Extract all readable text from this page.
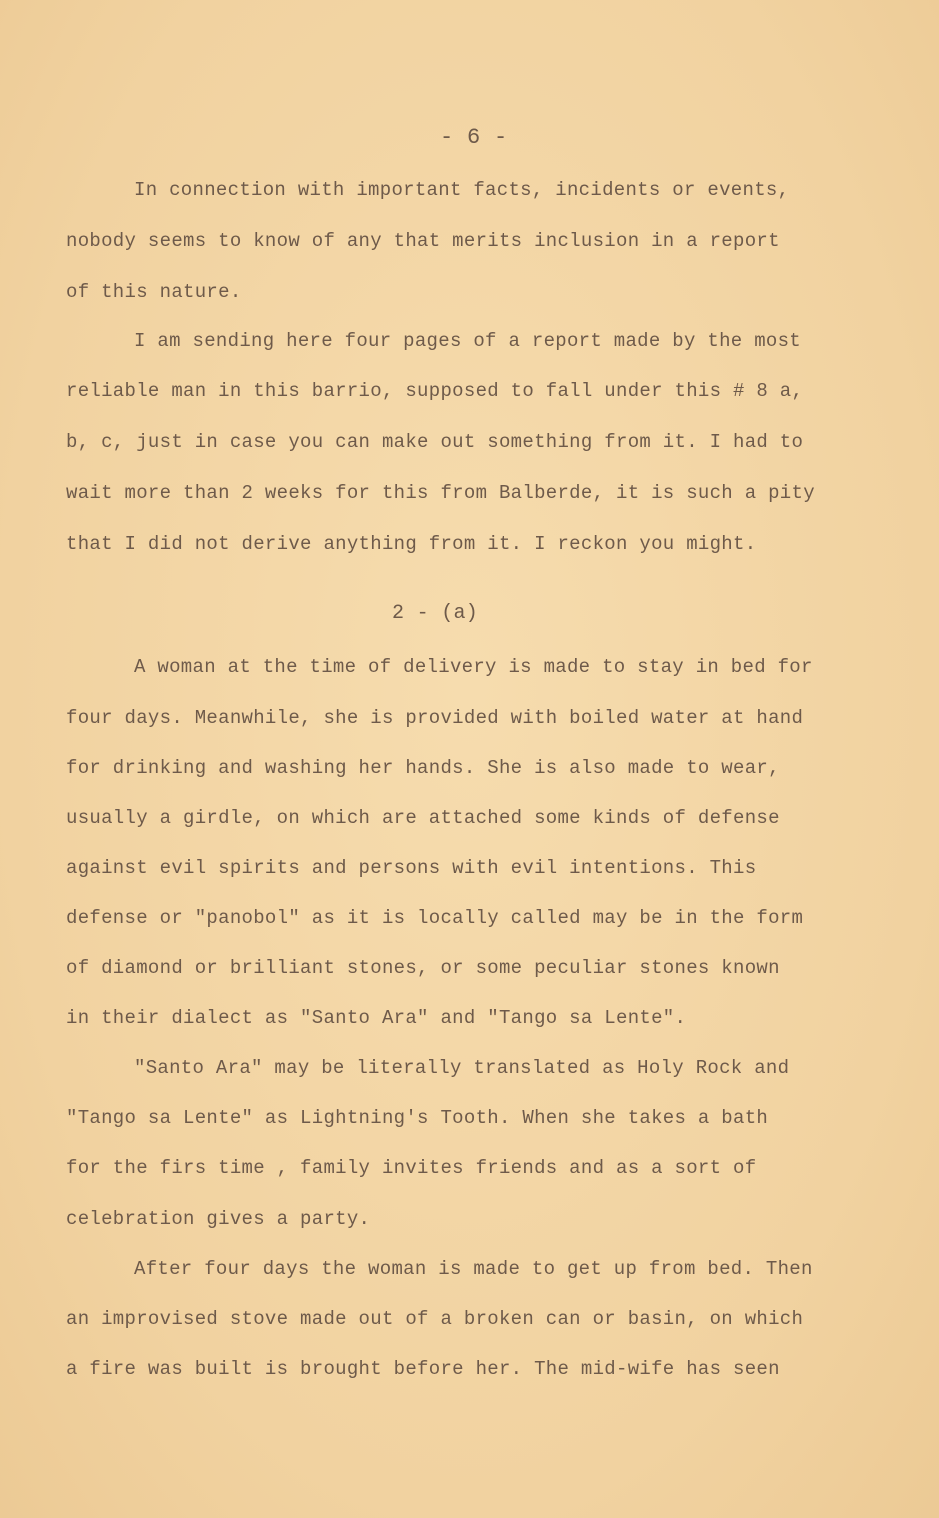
- 6 -
In connection with important facts, incidents or events,
nobody seems to know of any that merits inclusion in a report
of this nature.
I am sending here four pages of a report made by the most
reliable man in this barrio, supposed to fall under this # 8 a,
b, c, just in case you can make out something from it. I had to
wait more than 2 weeks for this from Balberde, it is such a pity
that I did not derive anything from it. I reckon you might.
2 - (a)
A woman at the time of delivery is made to stay in bed for
four days. Meanwhile, she is provided with boiled water at hand
for drinking and washing her hands. She is also made to wear,
usually a girdle, on which are attached some kinds of defense
against evil spirits and persons with evil intentions. This
defense or "panobol" as it is locally called may be in the form
of diamond or brilliant stones, or some peculiar stones known
in their dialect as "Santo Ara" and "Tango sa Lente".
"Santo Ara" may be literally translated as Holy Rock and
"Tango sa Lente" as Lightning's Tooth. When she takes a bath
for the firs time , family invites friends and as a sort of
celebration gives a party.
After four days the woman is made to get up from bed. Then
an improvised stove made out of a broken can or basin, on which
a fire was built is brought before her. The mid-wife has seen
